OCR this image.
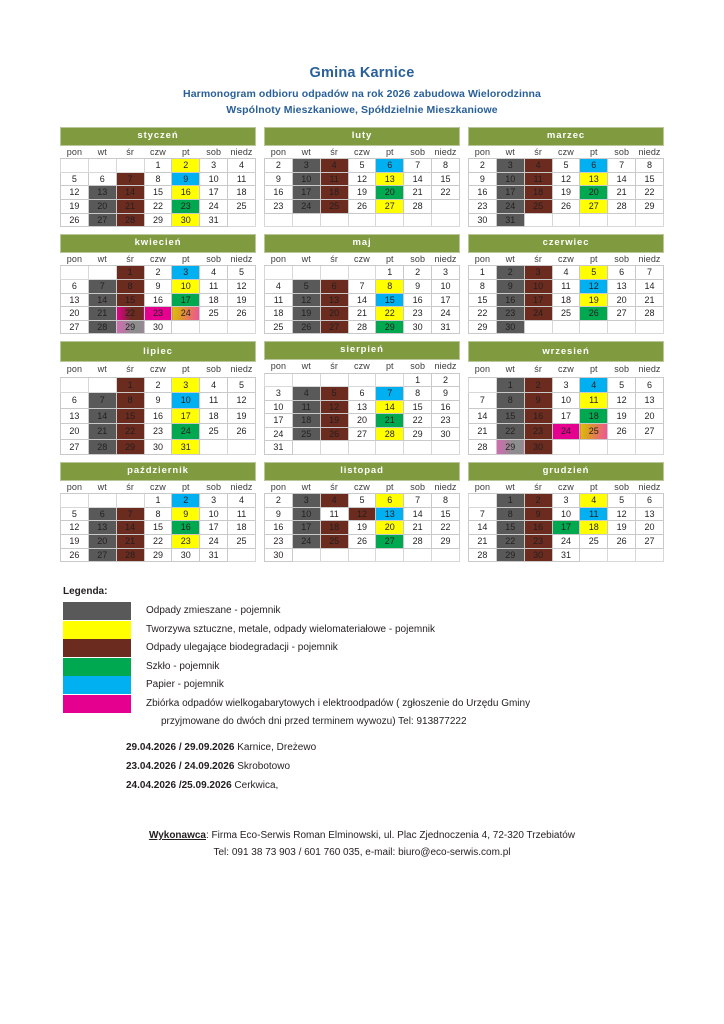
Gmina Karnice
Harmonogram odbioru odpadów na rok 2026 zabudowa Wielorodzinna
Wspólnoty Mieszkaniowe, Spółdzielnie Mieszkaniowe
styczeń						
pon	wt	śr	czw	pt	sob	niedz
			1	2	3	4
5	6	7	8	9	10	11
12	13	14	15	16	17	18
19	20	21	22	23	24	25
26	27	28	29	30	31	
luty						
pon	wt	śr	czw	pt	sob	niedz
2	3	4	5	6	7	8
9	10	11	12	13	14	15
16	17	18	19	20	21	22
23	24	25	26	27	28	

marzec						
pon	wt	śr	czw	pt	sob	niedz
2	3	4	5	6	7	8
9	10	11	12	13	14	15
16	17	18	19	20	21	22
23	24	25	26	27	28	29
30	31					
kwiecień						
pon	wt	śr	czw	pt	sob	niedz
		1	2	3	4	5
6	7	8	9	10	11	12
13	14	15	16	17	18	19
20	21	22	23	24	25	26
27	28	29	30			
maj						
pon	wt	śr	czw	pt	sob	niedz
				1	2	3
4	5	6	7	8	9	10
11	12	13	14	15	16	17
18	19	20	21	22	23	24
25	26	27	28	29	30	31
czerwiec						
pon	wt	śr	czw	pt	sob	niedz
1	2	3	4	5	6	7
8	9	10	11	12	13	14
15	16	17	18	19	20	21
22	23	24	25	26	27	28
29	30					
lipiec						
pon	wt	śr	czw	pt	sob	niedz
		1	2	3	4	5
6	7	8	9	10	11	12
13	14	15	16	17	18	19
20	21	22	23	24	25	26
27	28	29	30	31		
sierpień						
pon	wt	śr	czw	pt	sob	niedz
					1	2
3	4	5	6	7	8	9
10	11	12	13	14	15	16
17	18	19	20	21	22	23
24	25	26	27	28	29	30
31						
wrzesień						
pon	wt	śr	czw	pt	sob	niedz
	1	2	3	4	5	6
7	8	9	10	11	12	13
14	15	16	17	18	19	20
21	22	23	24	25	26	27
28	29	30				
październik						
pon	wt	śr	czw	pt	sob	niedz
			1	2	3	4
5	6	7	8	9	10	11
12	13	14	15	16	17	18
19	20	21	22	23	24	25
26	27	28	29	30	31	
listopad						
pon	wt	śr	czw	pt	sob	niedz
2	3	4	5	6	7	8
9	10	11	12	13	14	15
16	17	18	19	20	21	22
23	24	25	26	27	28	29
30						
grudzień						
pon	wt	śr	czw	pt	sob	niedz
	1	2	3	4	5	6
7	8	9	10	11	12	13
14	15	16	17	18	19	20
21	22	23	24	25	26	27
28	29	30	31			
Legenda:
Odpady zmieszane - pojemnik
Tworzywa sztuczne, metale, odpady wielomateriałowe - pojemnik
Odpady ulegające biodegradacji - pojemnik
Szkło - pojemnik
Papier - pojemnik
Zbiórka odpadów wielkogabarytowych i elektroodpadów ( zgłoszenie do Urzędu Gminy
przyjmowane do dwóch dni przed terminem wywozu) Tel: 913877222
29.04.2026 / 29.09.2026 Karnice, Dreżewo
23.04.2026 / 24.09.2026 Skrobotowo
24.04.2026 /25.09.2026 Cerkwica,
Wykonawca: Firma Eco-Serwis Roman Elminowski, ul. Plac Zjednoczenia 4, 72-320 Trzebiatów
Tel: 091 38 73 903 / 601 760 035, e-mail: biuro@eco-serwis.com.pl
